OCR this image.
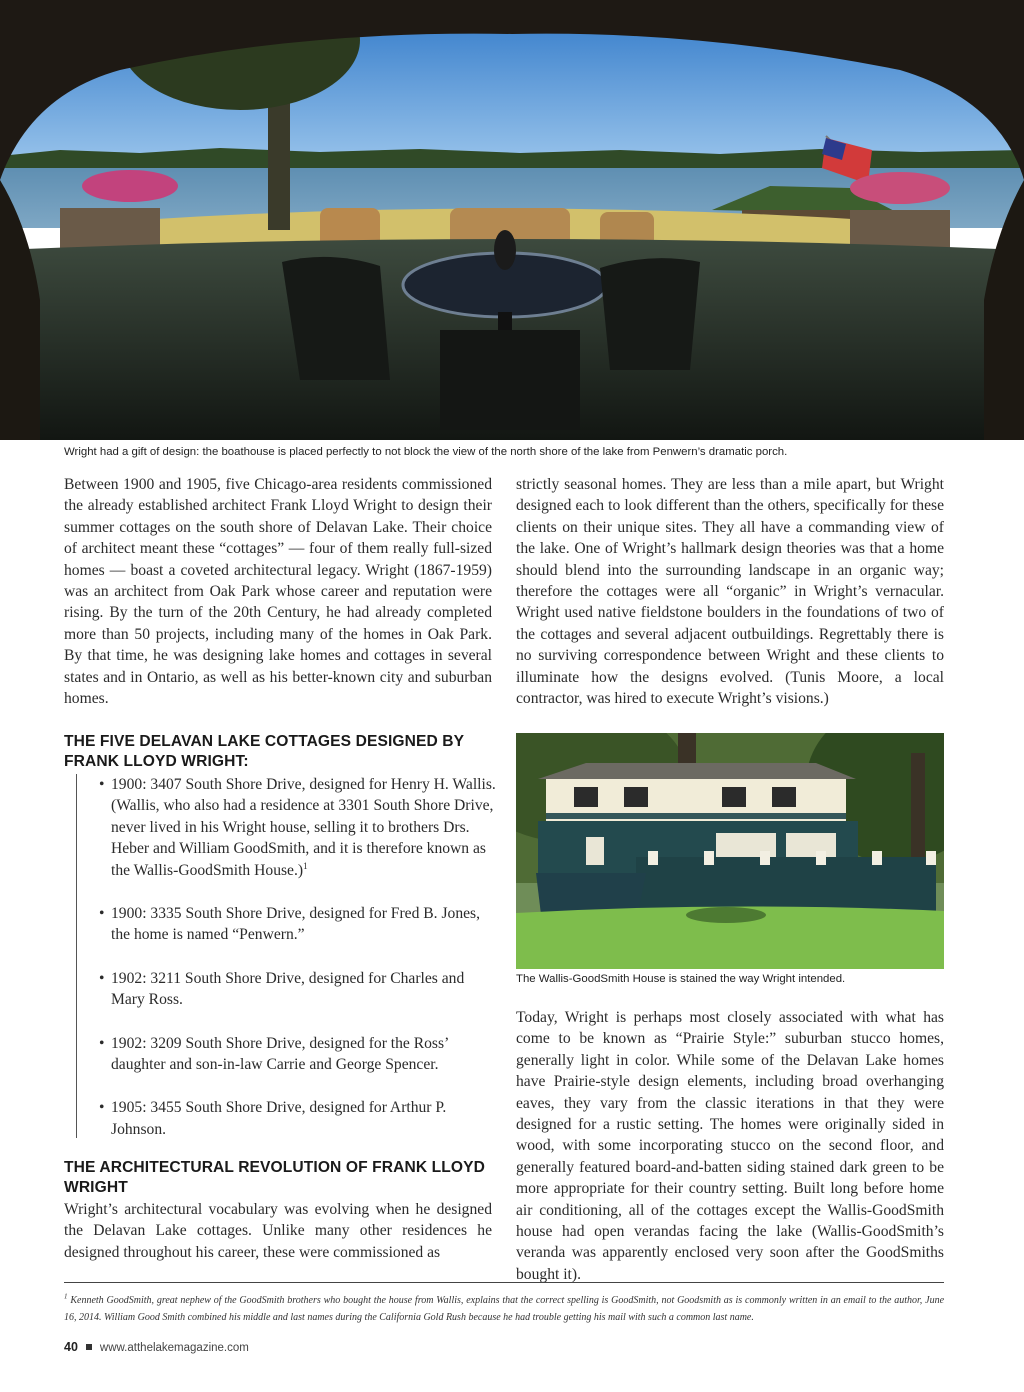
Wright had a gift of design: the boathouse is placed perfectly to not block the view of the north shore of the lake from Penwern’s dramatic porch.

Between 1900 and 1905, five Chicago-area residents commissioned the already established architect Frank Lloyd Wright to design their summer cottages on the south shore of Delavan Lake. Their choice of architect meant these “cottages” — four of them really full-sized homes — boast a coveted architectural legacy. Wright (1867-1959) was an architect from Oak Park whose career and reputation were rising. By the turn of the 20th Century, he had already completed more than 50 projects, including many of the homes in Oak Park. By that time, he was designing lake homes and cottages in several states and in Ontario, as well as his better-known city and suburban homes.

strictly seasonal homes. They are less than a mile apart, but Wright designed each to look different than the others, specifically for these clients on their unique sites. They all have a commanding view of the lake. One of Wright’s hallmark design theories was that a home should blend into the surrounding landscape in an organic way; therefore the cottages were all “organic” in Wright’s vernacular. Wright used native fieldstone boulders in the foundations of two of the cottages and several adjacent outbuildings. Regrettably there is no surviving correspondence between Wright and these clients to illuminate how the designs evolved. (Tunis Moore, a local contractor, was hired to execute Wright’s visions.)

THE FIVE DELAVAN LAKE COTTAGES DESIGNED BY FRANK LLOYD WRIGHT:
• 1900: 3407 South Shore Drive, designed for Henry H. Wallis. (Wallis, who also had a residence at 3301 South Shore Drive, never lived in his Wright house, selling it to brothers Drs. Heber and William GoodSmith, and it is therefore known as the Wallis-GoodSmith House.)$^1$
• 1900: 3335 South Shore Drive, designed for Fred B. Jones, the home is named “Penwern.”
• 1902: 3211 South Shore Drive, designed for Charles and Mary Ross.
• 1902: 3209 South Shore Drive, designed for the Ross’ daughter and son-in-law Carrie and George Spencer.
• 1905: 3455 South Shore Drive, designed for Arthur P. Johnson.
THE ARCHITECTURAL REVOLUTION OF FRANK LLOYD WRIGHT

Wright’s architectural vocabulary was evolving when he designed the Delavan Lake cottages. Unlike many other residences he designed throughout his career, these were commissioned as

The Wallis-GoodSmith House is stained the way Wright intended.

Today, Wright is perhaps most closely associated with what has come to be known as “Prairie Style:” suburban stucco homes, generally light in color. While some of the Delavan Lake homes have Prairie-style design elements, including broad overhanging eaves, they vary from the classic iterations in that they were designed for a rustic setting. The homes were originally sided in wood, with some incorporating stucco on the second floor, and generally featured board-and-batten siding stained dark green to be more appropriate for their country setting. Built long before home air conditioning, all of the cottages except the Wallis-GoodSmith house had open verandas facing the lake (Wallis-GoodSmith’s veranda was apparently enclosed very soon after the GoodSmiths bought it).

$^1$ Kenneth GoodSmith, great nephew of the GoodSmith brothers who bought the house from Wallis, explains that the correct spelling is GoodSmith, not Goodsmith as is commonly written in an email to the author, June 16, 2014. William Good Smith combined his middle and last names during the California Gold Rush because he had trouble getting his mail with such a common last name.
40 www.atthelakemagazine.com
